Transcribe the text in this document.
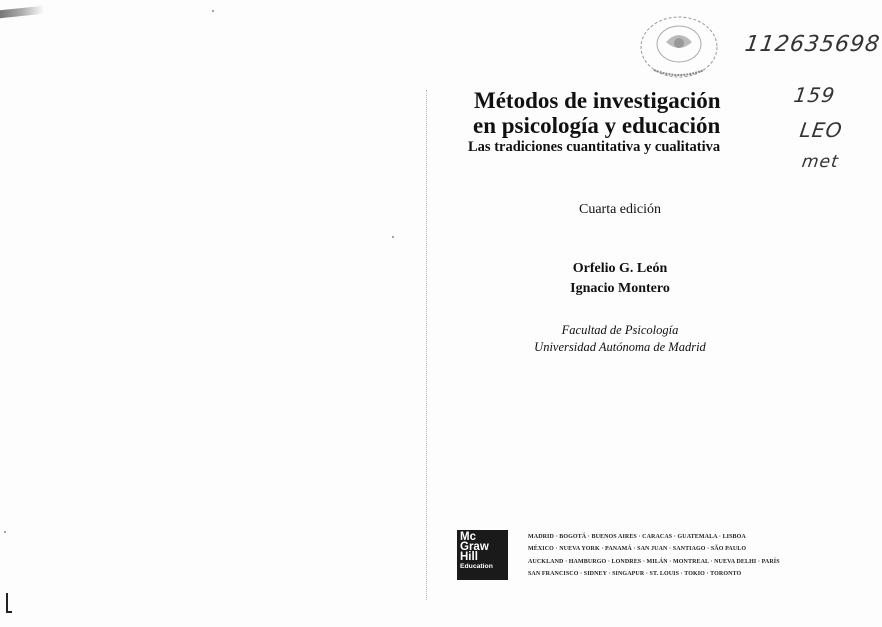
112635698
159
LEO
met
Métodos de investigación
en psicología y educación

Las tradiciones cuantitativa y cualitativa

Cuarta edición

Orfelio G. León

Ignacio Montero

Facultad de Psicología

Universidad Autónoma de Madrid

Mc
Graw
Hill
Education
MADRID · BOGOTÁ · BUENOS AIRES · CARACAS · GUATEMALA · LISBOA
MÉXICO · NUEVA YORK · PANAMÁ · SAN JUAN · SANTIAGO · SÃO PAULO
AUCKLAND · HAMBURGO · LONDRES · MILÁN · MONTREAL · NUEVA DELHI · PARÍS
SAN FRANCISCO · SIDNEY · SINGAPUR · ST. LOUIS · TOKIO · TORONTO
